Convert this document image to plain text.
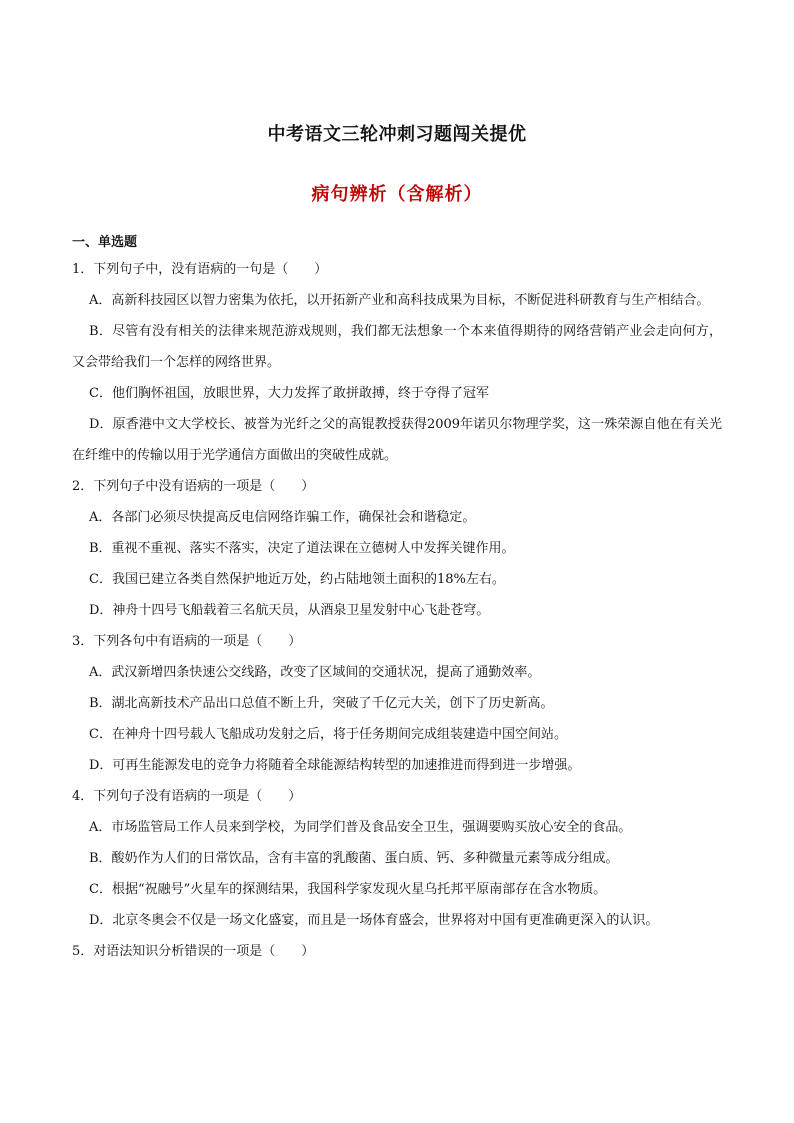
中考语文三轮冲刺习题闯关提优
病句辨析（含解析）

一、单选题

1．下列句子中，没有语病的一句是（　　）

A．高新科技园区以智力密集为依托，以开拓新产业和高科技成果为目标，不断促进科研教育与生产相结合。

B．尽管有没有相关的法律来规范游戏规则，我们都无法想象一个本来值得期待的网络营销产业会走向何方，又会带给我们一个怎样的网络世界。

C．他们胸怀祖国，放眼世界，大力发挥了敢拼敢搏，终于夺得了冠军

D．原香港中文大学校长、被誉为光纤之父的高锟教授获得2009年诺贝尔物理学奖，这一殊荣源自他在有关光在纤维中的传输以用于光学通信方面做出的突破性成就。

2．下列句子中没有语病的一项是（　　）

A．各部门必须尽快提高反电信网络诈骗工作，确保社会和谐稳定。

B．重视不重视、落实不落实，决定了道法课在立德树人中发挥关键作用。

C．我国已建立各类自然保护地近万处，约占陆地领土面积的18%左右。

D．神舟十四号飞船载着三名航天员，从酒泉卫星发射中心飞赴苍穹。

3．下列各句中有语病的一项是（　　）

A．武汉新增四条快速公交线路，改变了区域间的交通状况，提高了通勤效率。

B．湖北高新技术产品出口总值不断上升，突破了千亿元大关，创下了历史新高。

C．在神舟十四号载人飞船成功发射之后，将于任务期间完成组装建造中国空间站。

D．可再生能源发电的竞争力将随着全球能源结构转型的加速推进而得到进一步增强。

4．下列句子没有语病的一项是（　　）

A．市场监管局工作人员来到学校，为同学们普及食品安全卫生，强调要购买放心安全的食品。

B．酸奶作为人们的日常饮品，含有丰富的乳酸菌、蛋白质、钙、多种微量元素等成分组成。

C．根据“祝融号”火星车的探测结果，我国科学家发现火星乌托邦平原南部存在含水物质。

D．北京冬奥会不仅是一场文化盛宴，而且是一场体育盛会，世界将对中国有更准确更深入的认识。

5．对语法知识分析错误的一项是（　　）
